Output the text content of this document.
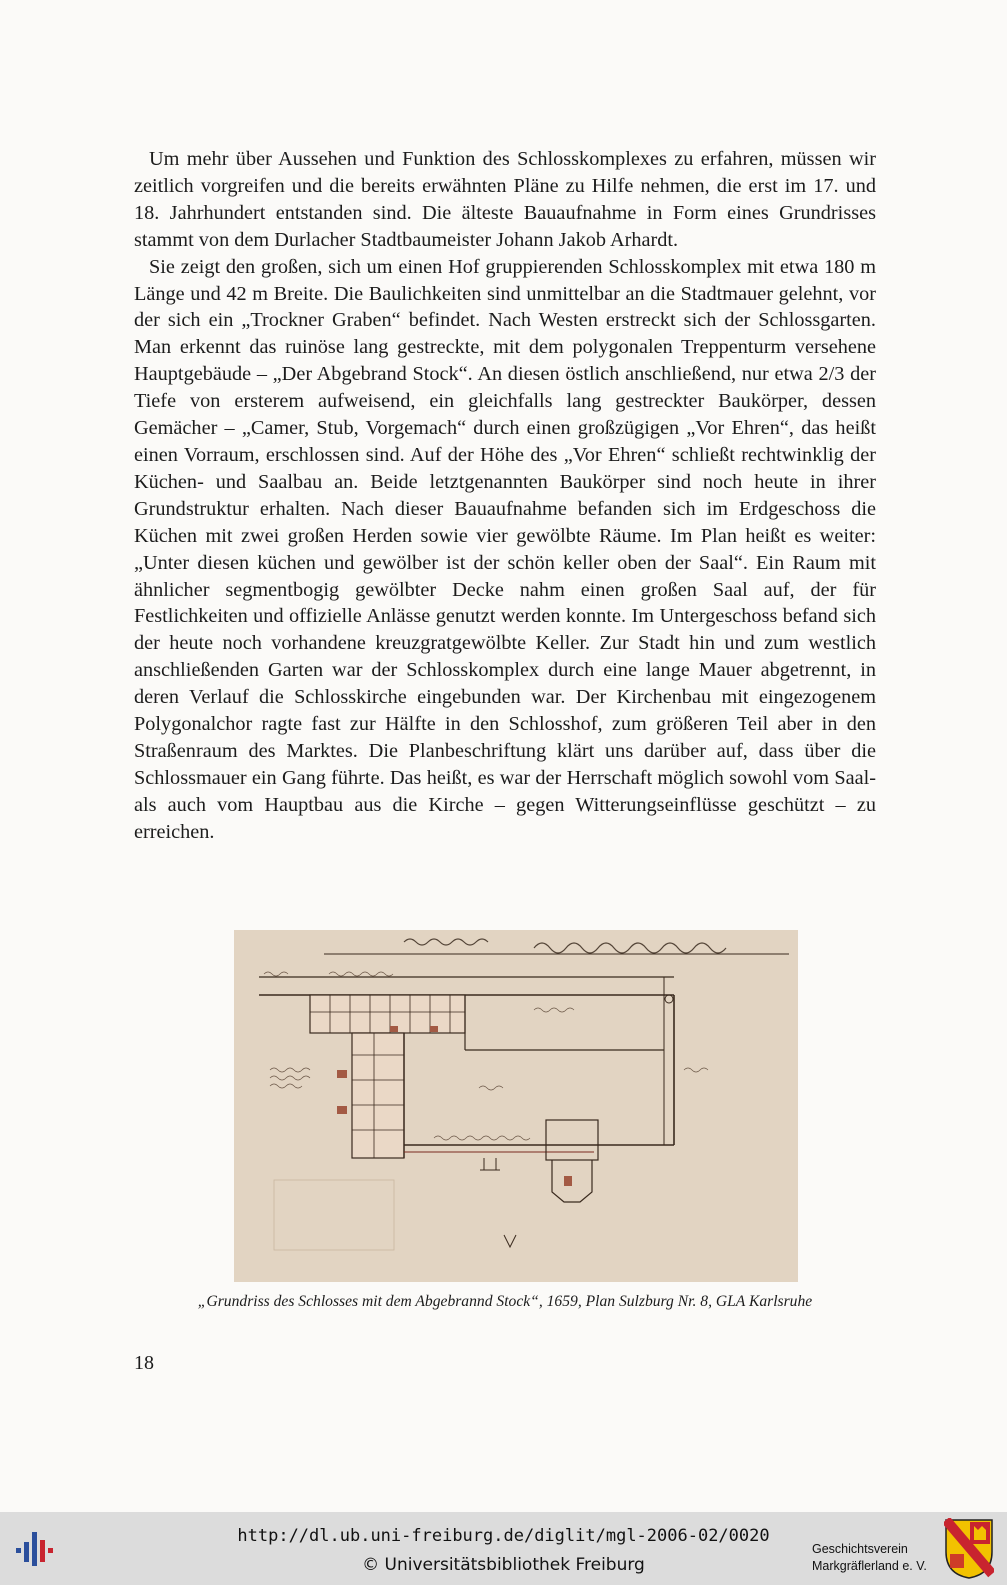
Um mehr über Aussehen und Funktion des Schlosskomplexes zu erfahren, müssen wir zeitlich vorgreifen und die bereits erwähnten Pläne zu Hilfe nehmen, die erst im 17. und 18. Jahrhundert entstanden sind. Die älteste Bauaufnahme in Form eines Grundrisses stammt von dem Durlacher Stadtbaumeister Johann Jakob Arhardt.

Sie zeigt den großen, sich um einen Hof gruppierenden Schlosskomplex mit etwa 180 m Länge und 42 m Breite. Die Baulichkeiten sind unmittelbar an die Stadtmauer gelehnt, vor der sich ein „Trockner Graben“ befindet. Nach Westen erstreckt sich der Schlossgarten. Man erkennt das ruinöse lang gestreckte, mit dem polygonalen Treppenturm versehene Hauptgebäude – „Der Abgebrand Stock“. An diesen östlich anschließend, nur etwa 2/3 der Tiefe von ersterem aufweisend, ein gleichfalls lang gestreckter Baukörper, dessen Gemächer – „Camer, Stub, Vorgemach“ durch einen großzügigen „Vor Ehren“, das heißt einen Vorraum, erschlossen sind. Auf der Höhe des „Vor Ehren“ schließt rechtwinklig der Küchen- und Saalbau an. Beide letztgenannten Baukörper sind noch heute in ihrer Grundstruktur erhalten. Nach dieser Bauaufnahme befanden sich im Erdgeschoss die Küchen mit zwei großen Herden sowie vier gewölbte Räume. Im Plan heißt es weiter: „Unter diesen küchen und gewölber ist der schön keller oben der Saal“. Ein Raum mit ähnlicher segmentbogig gewölbter Decke nahm einen großen Saal auf, der für Festlichkeiten und offizielle Anlässe genutzt werden konnte. Im Untergeschoss befand sich der heute noch vorhandene kreuzgratgewölbte Keller. Zur Stadt hin und zum westlich anschließenden Garten war der Schlosskomplex durch eine lange Mauer abgetrennt, in deren Verlauf die Schlosskirche eingebunden war. Der Kirchenbau mit eingezogenem Polygonalchor ragte fast zur Hälfte in den Schlosshof, zum größeren Teil aber in den Straßenraum des Marktes. Die Planbeschriftung klärt uns darüber auf, dass über die Schlossmauer ein Gang führte. Das heißt, es war der Herrschaft möglich sowohl vom Saal- als auch vom Hauptbau aus die Kirche – gegen Witterungseinflüsse geschützt – zu erreichen.

„Grundriss des Schlosses mit dem Abgebrannd Stock“, 1659, Plan Sulzburg Nr. 8, GLA Karlsruhe
18
http://dl.ub.uni-freiburg.de/diglit/mgl-2006-02/0020
© Universitätsbibliothek Freiburg
Geschichtsverein
Markgräflerland e. V.
